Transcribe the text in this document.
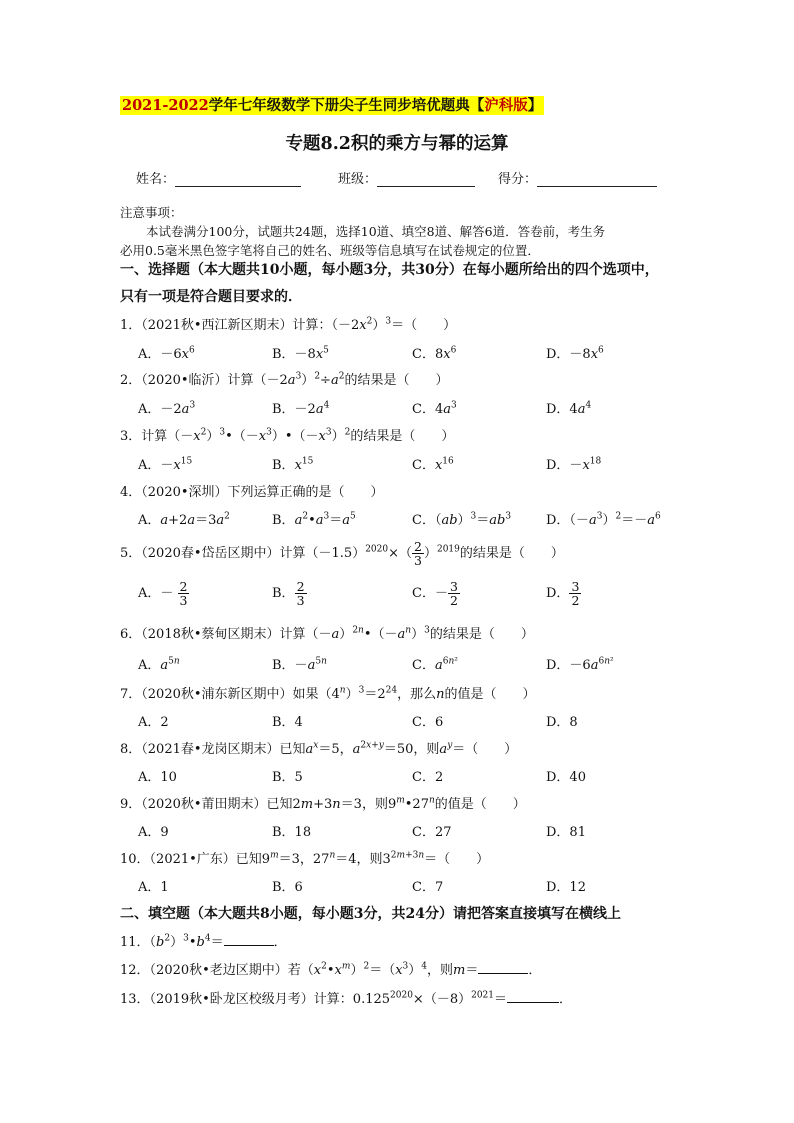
2021-2022学年七年级数学下册尖子生同步培优题典【沪科版】
专题8.2积的乘方与幂的运算
姓名：	班级：	得分：
注意事项：
本试卷满分100分，试题共24题，选择10道、填空8道、解答6道．答卷前，考生务
必用0.5毫米黑色签字笔将自己的姓名、班级等信息填写在试卷规定的位置．
一、选择题（本大题共10小题，每小题3分，共30分）在每小题所给出的四个选项中，
只有一项是符合题目要求的．
1．（2021秋•西江新区期末）计算：$(-2x^2)^3=$（　　）
A．$-6x^6$	B．$-8x^5$	C．$8x^6$	D．$-8x^6$
2．（2020•临沂）计算$(-2a^3)^2\div a^2$的结果是（　　）
A．$-2a^3$	B．$-2a^4$	C．$4a^3$	D．$4a^4$
3．计算$(-x^2)^3•(-x^3)•(-x^3)^2$的结果是（　　）
A．$-x^{15}$	B．$x^{15}$	C．$x^{16}$	D．$-x^{18}$
4．（2020•深圳）下列运算正确的是（　　）
A．$a+2a=3a^2$	B．$a^2•a^3=a^5$	C．$(ab)^3=ab^3$	D．$(-a^3)^2=-a^6$
5．（2020春•岱岳区期中）计算$(-1.5)^{2020}\times( \frac{2}{3} )^{2019}$的结果是（　　）
A．－ $\frac{2}{3}$	B． $\frac{2}{3}$	C．－ $\frac{3}{2}$	D． $\frac{3}{2}$
6．（2018秋•蔡甸区期末）计算$(-a)^{2n}•(-a^n)^3$的结果是（　　）
A．$a^{5n}$	B．$-a^{5n}$	C．$a^{6n^2}$	D．$-6a^{6n^2}$
7．（2020秋•浦东新区期中）如果$(4^n)^3=2^{24}$，那么n的值是（　　）
A．2	B．4	C．6	D．8
8．（2021春•龙岗区期末）已知$a^x=5$，$a^{2x+y}=50$，则$a^y=$（　　）
A．10	B．5	C．2	D．40
9．（2020秋•莆田期末）已知2m+3n＝3，则9$^m$•27$^n$的值是（　　）
A．9	B．18	C．27	D．81
10．（2021•广东）已知$9^m=3$，$27^n=4$，则$3^{2m+3n}=$（　　）
A．1	B．6	C．7	D．12
二、填空题（本大题共8小题，每小题3分，共24分）请把答案直接填写在横线上
11．$(b^2)^3•b^4=$	．
12．（2020秋•老边区期中）若$(x^2•x^m)^2=(x^3)^4$，则m＝	．
13．（2019秋•卧龙区校级月考）计算：$0.125^{2020}\times(-8)^{2021}=$	．
